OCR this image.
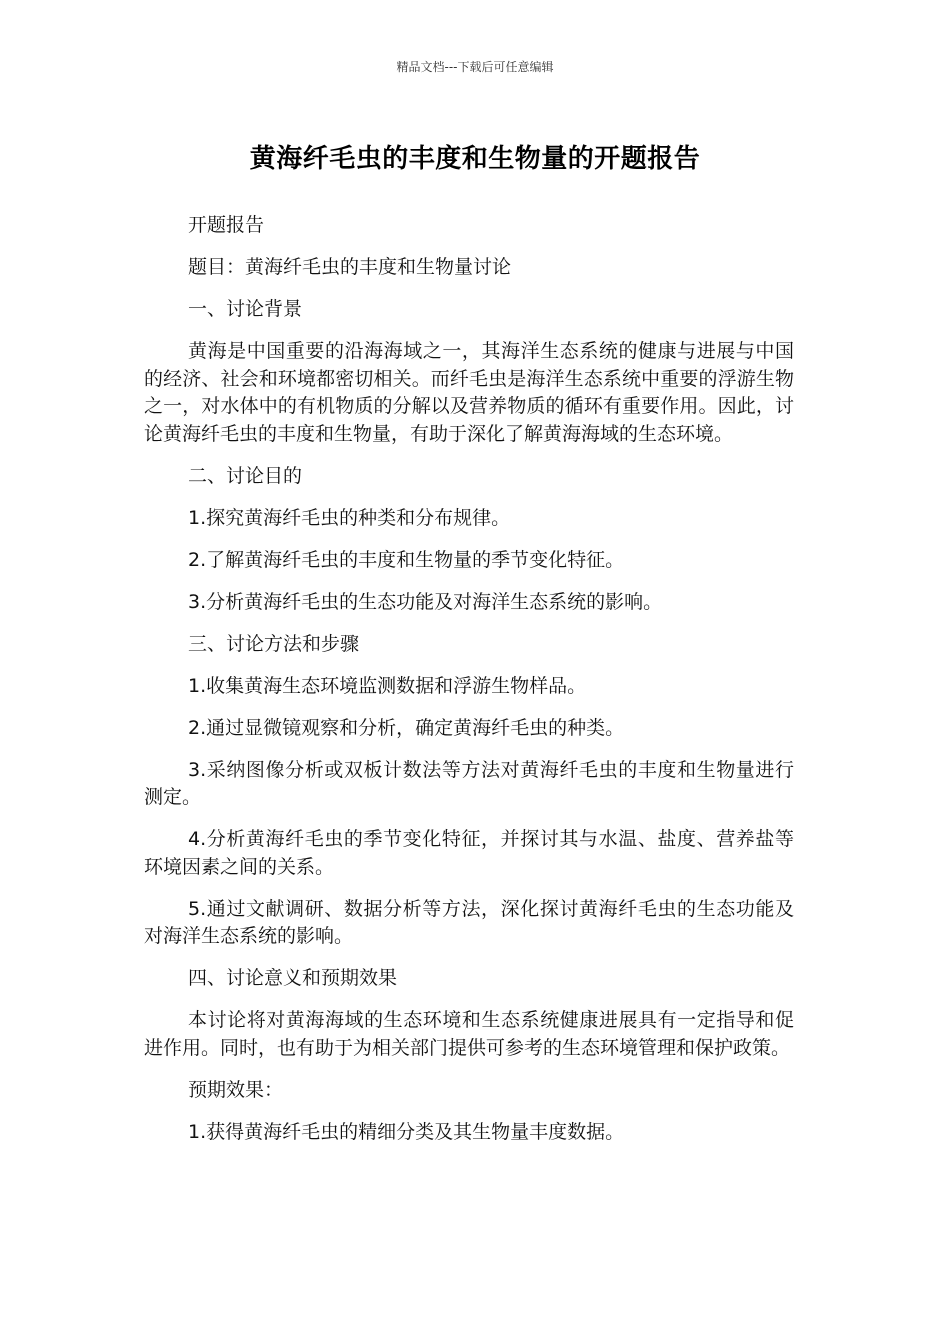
精品文档---下载后可任意编辑
黄海纤毛虫的丰度和生物量的开题报告

开题报告

题目：黄海纤毛虫的丰度和生物量讨论

一、讨论背景

黄海是中国重要的沿海海域之一，其海洋生态系统的健康与进展与中国的经济、社会和环境都密切相关。而纤毛虫是海洋生态系统中重要的浮游生物之一，对水体中的有机物质的分解以及营养物质的循环有重要作用。因此，讨论黄海纤毛虫的丰度和生物量，有助于深化了解黄海海域的生态环境。

二、讨论目的

1.探究黄海纤毛虫的种类和分布规律。

2.了解黄海纤毛虫的丰度和生物量的季节变化特征。

3.分析黄海纤毛虫的生态功能及对海洋生态系统的影响。

三、讨论方法和步骤

1.收集黄海生态环境监测数据和浮游生物样品。

2.通过显微镜观察和分析，确定黄海纤毛虫的种类。

3.采纳图像分析或双板计数法等方法对黄海纤毛虫的丰度和生物量进行测定。

4.分析黄海纤毛虫的季节变化特征，并探讨其与水温、盐度、营养盐等环境因素之间的关系。

5.通过文献调研、数据分析等方法，深化探讨黄海纤毛虫的生态功能及对海洋生态系统的影响。

四、讨论意义和预期效果

本讨论将对黄海海域的生态环境和生态系统健康进展具有一定指导和促进作用。同时，也有助于为相关部门提供可参考的生态环境管理和保护政策。

预期效果：

1.获得黄海纤毛虫的精细分类及其生物量丰度数据。
